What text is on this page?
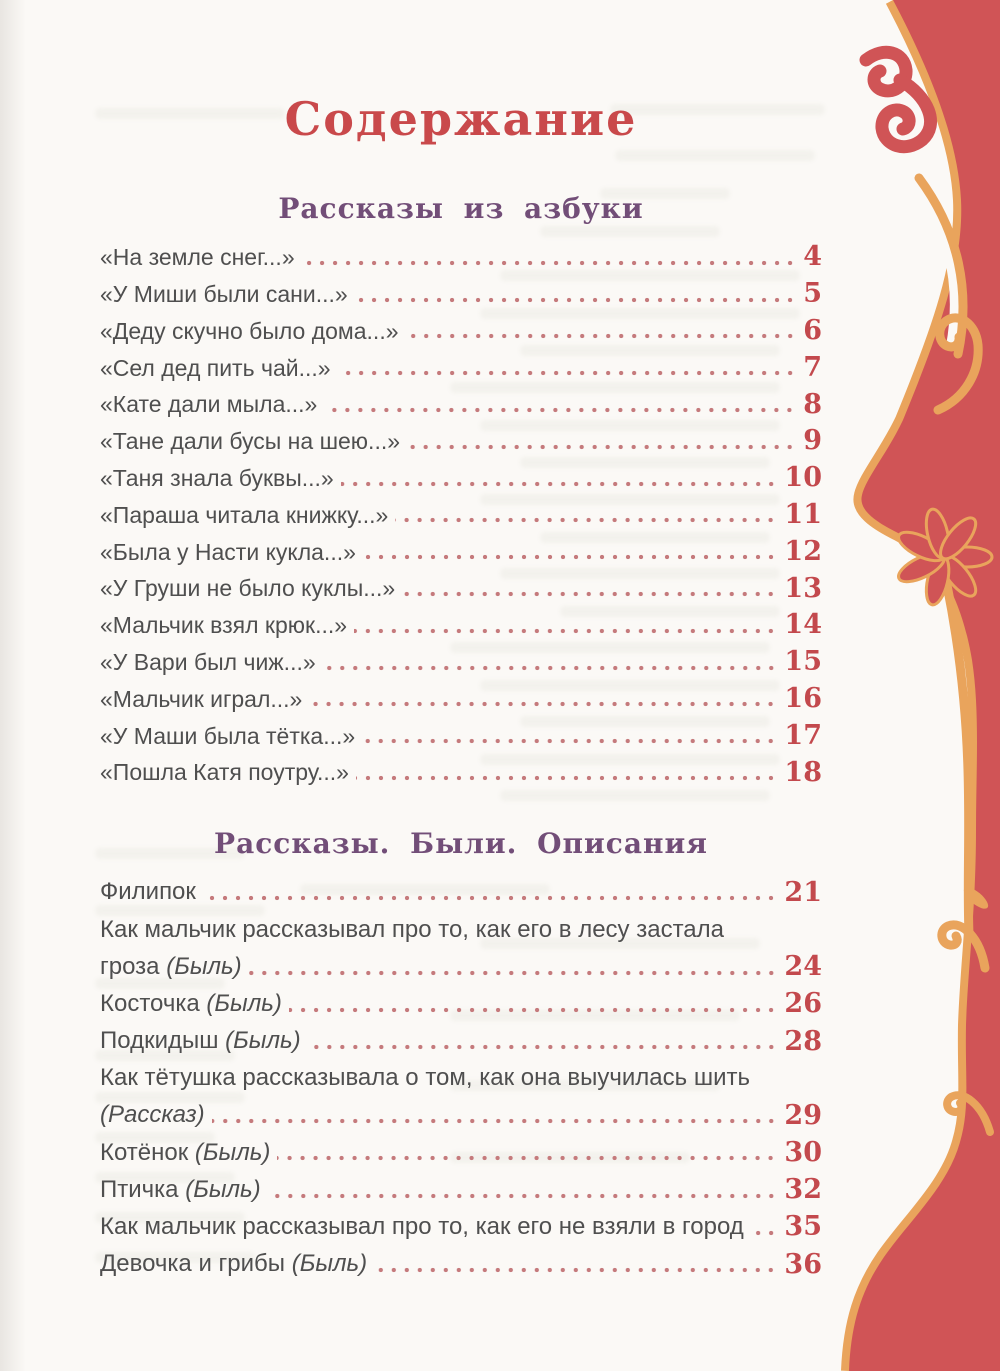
Содержание
Рассказы из азбуки
«На земле снег...»	4
«У Миши были сани...»	5
«Деду скучно было дома...»	6
«Сел дед пить чай...»	7
«Кате дали мыла...»	8
«Тане дали бусы на шею...»	9
«Таня знала буквы...»	10
«Параша читала книжку...»	11
«Была у Насти кукла...»	12
«У Груши не было куклы...»	13
«Мальчик взял крюк...»	14
«У Вари был чиж...»	15
«Мальчик играл...»	16
«У Маши была тётка...»	17
«Пошла Катя поутру...»	18
Рассказы. Были. Описания
Филипок	21
Как мальчик рассказывал про то, как его в лесу застала
гроза (Быль)	24
Косточка (Быль)	26
Подкидыш (Быль)	28
Как тётушка рассказывала о том, как она выучилась шить
(Рассказ)	29
Котёнок (Быль)	30
Птичка (Быль)	32
Как мальчик рассказывал про то, как его не взяли в город 35
Девочка и грибы (Быль)	36
